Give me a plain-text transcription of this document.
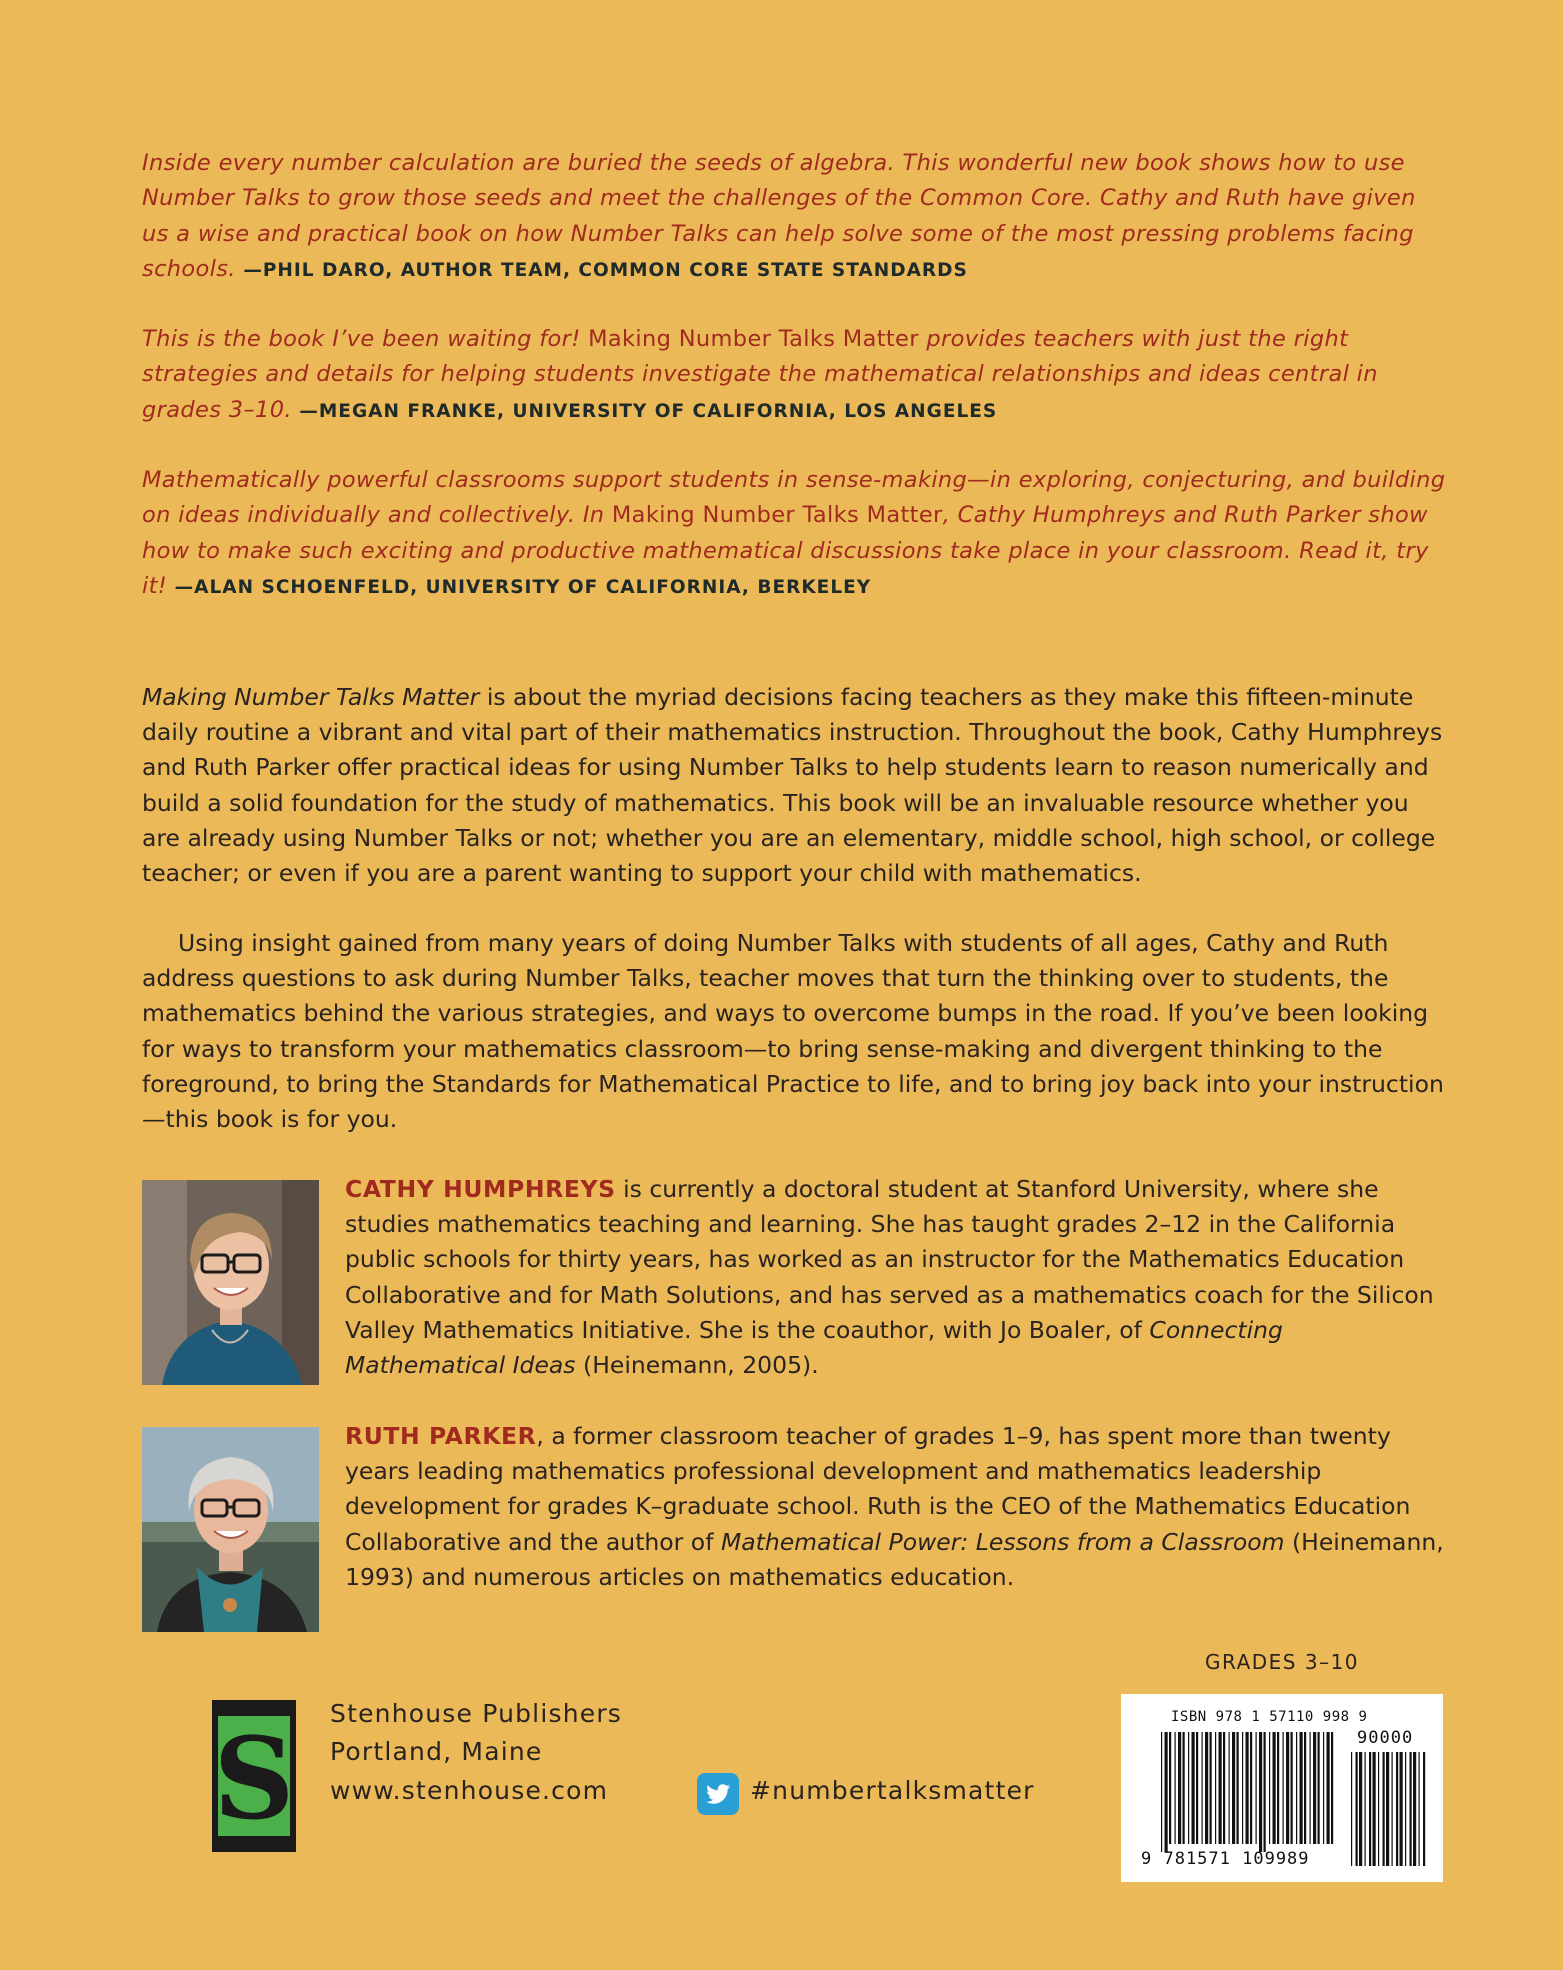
Inside every number calculation are buried the seeds of algebra. This wonderful new book shows how to use Number Talks to grow those seeds and meet the challenges of the Common Core. Cathy and Ruth have given us a wise and practical book on how Number Talks can help solve some of the most pressing problems facing schools. —PHIL DARO, AUTHOR TEAM, COMMON CORE STATE STANDARDS

This is the book I’ve been waiting for! Making Number Talks Matter provides teachers with just the right strategies and details for helping students investigate the mathematical relationships and ideas central in grades 3–10. —MEGAN FRANKE, UNIVERSITY OF CALIFORNIA, LOS ANGELES

Mathematically powerful classrooms support students in sense-making—in exploring, conjecturing, and building on ideas individually and collectively. In Making Number Talks Matter, Cathy Humphreys and Ruth Parker show how to make such exciting and productive mathematical discussions take place in your classroom. Read it, try it! —ALAN SCHOENFELD, UNIVERSITY OF CALIFORNIA, BERKELEY

Making Number Talks Matter is about the myriad decisions facing teachers as they make this fifteen-minute daily routine a vibrant and vital part of their mathematics instruction. Throughout the book, Cathy Humphreys and Ruth Parker offer practical ideas for using Number Talks to help students learn to reason numerically and build a solid foundation for the study of mathematics. This book will be an invaluable resource whether you are already using Number Talks or not; whether you are an elementary, middle school, high school, or college teacher; or even if you are a parent wanting to support your child with mathematics.

Using insight gained from many years of doing Number Talks with students of all ages, Cathy and Ruth address questions to ask during Number Talks, teacher moves that turn the thinking over to students, the mathematics behind the various strategies, and ways to overcome bumps in the road. If you’ve been looking for ways to transform your mathematics classroom—to bring sense-making and divergent thinking to the foreground, to bring the Standards for Mathematical Practice to life, and to bring joy back into your instruction—this book is for you.

CATHY HUMPHREYS is currently a doctoral student at Stanford University, where she studies mathematics teaching and learning. She has taught grades 2–12 in the California public schools for thirty years, has worked as an instructor for the Mathematics Education Collaborative and for Math Solutions, and has served as a mathematics coach for the Silicon Valley Mathematics Initiative. She is the coauthor, with Jo Boaler, of Connecting Mathematical Ideas (Heinemann, 2005).

RUTH PARKER, a former classroom teacher of grades 1–9, has spent more than twenty years leading mathematics professional development and mathematics leadership development for grades K–graduate school. Ruth is the CEO of the Mathematics Education Collaborative and the author of Mathematical Power: Lessons from a Classroom (Heinemann, 1993) and numerous articles on mathematics education.

GRADES 3–10
S
Stenhouse Publishers
Portland, Maine
www.stenhouse.com	#numbertalksmatter

ISBN 978 1 57110 998 9

9 781571 109989
90000
